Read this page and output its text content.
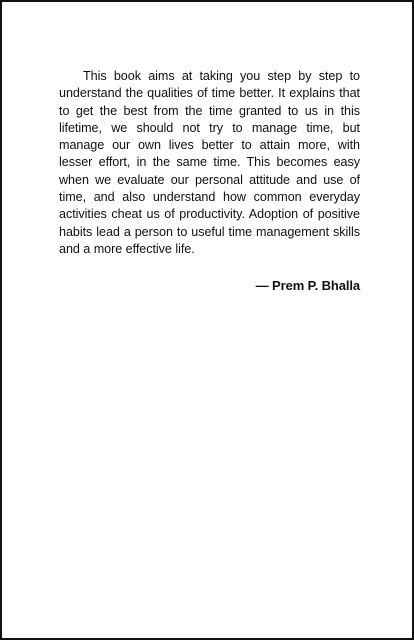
This book aims at taking you step by step to understand the qualities of time better. It explains that to get the best from the time granted to us in this lifetime, we should not try to manage time, but manage our own lives better to attain more, with lesser effort, in the same time. This becomes easy when we evaluate our personal attitude and use of time, and also understand how common everyday activities cheat us of productivity. Adoption of positive habits lead a person to useful time management skills and a more effective life.

— Prem P. Bhalla
